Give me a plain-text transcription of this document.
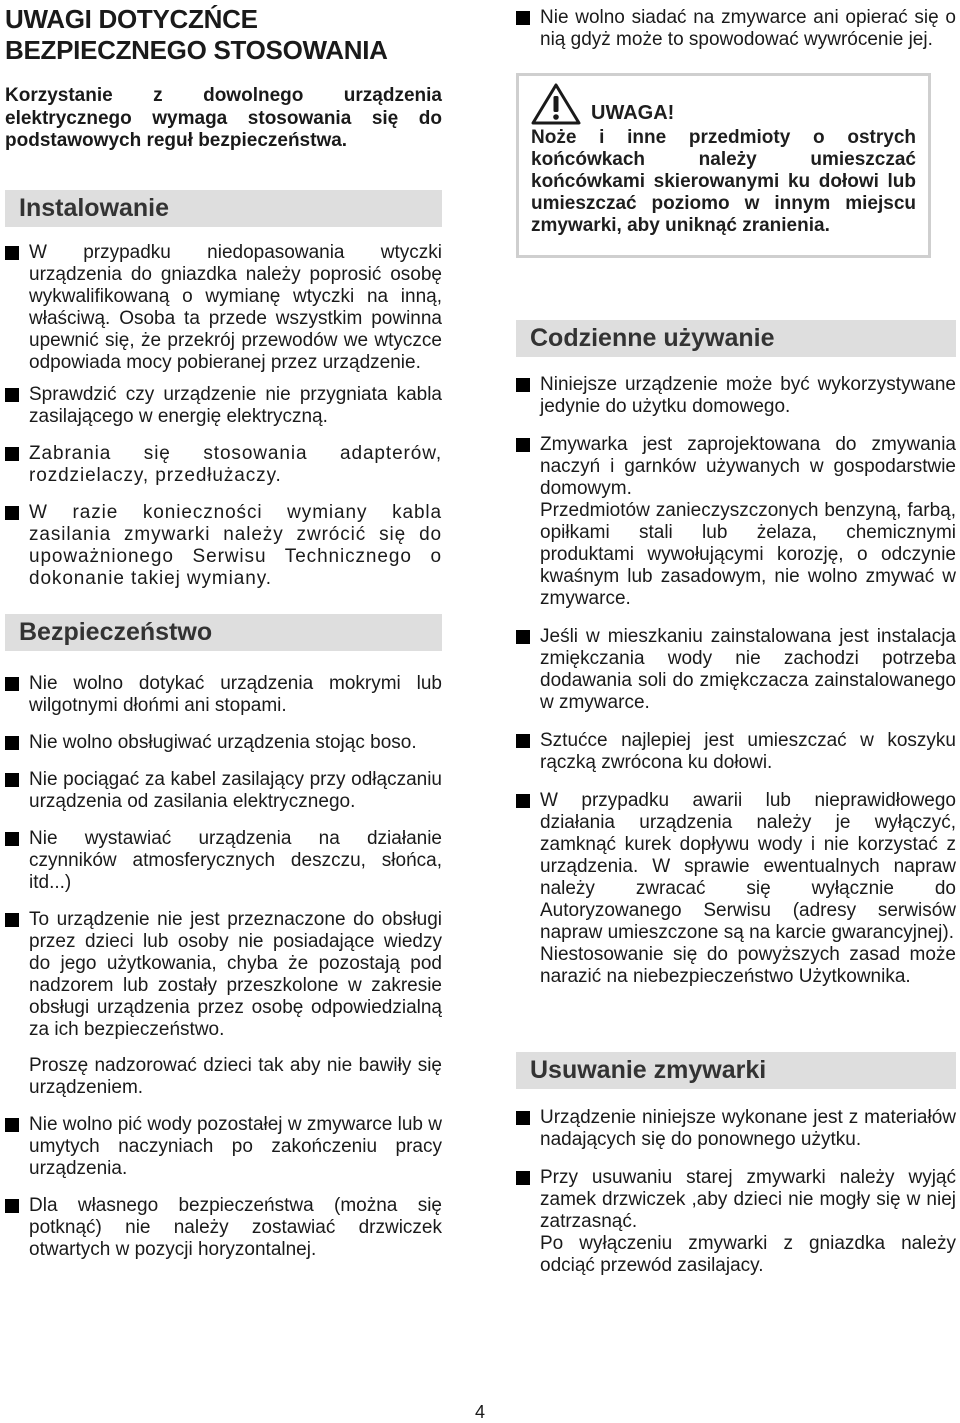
UWAGI DOTYCZŃCE
BEZPIECZNEGO STOSOWANIA

Korzystanie z dowolnego urządzenia elektrycznego wymaga stosowania się do podstawowych reguł bezpieczeństwa.

Instalowanie
W przypadku niedopasowania wtyczki urządzenia do gniazdka należy poprosić osobę wykwalifikowaną o wymianę wtyczki na inną, właściwą. Osoba ta przede wszystkim powinna upewnić się, że przekrój przewodów we wtyczce odpowiada mocy pobieranej przez urządzenie.
Sprawdzić czy urządzenie nie przygniata kabla zasilającego w energię elektryczną.
Zabrania się stosowania adapterów, rozdzielaczy, przedłużaczy.
W razie konieczności wymiany kabla zasilania zmywarki należy zwrócić się do upoważnionego Serwisu Technicznego o dokonanie takiej wymiany.
Bezpieczeństwo
Nie wolno dotykać urządzenia mokrymi lub wilgotnymi dłońmi ani stopami.
Nie wolno obsługiwać urządzenia stojąc boso.
Nie pociągać za kabel zasilający przy odłączaniu urządzenia od zasilania elektrycznego.
Nie wystawiać urządzenia na działanie czynników atmosferycznych deszczu, słońca, itd...)
To urządzenie nie jest przeznaczone do obsługi przez dzieci lub osoby nie posiadające wiedzy do jego użytkowania, chyba że pozostają pod nadzorem lub zostały przeszkolone w zakresie obsługi urządzenia przez osobę odpowiedzialną za ich bezpieczeństwo.

Proszę nadzorować dzieci tak aby nie bawiły się urządzeniem.

Nie wolno pić wody pozostałej w zmywarce lub w umytych naczyniach po zakończeniu pracy urządzenia.
Dla własnego bezpieczeństwa (można się potknąć) nie należy zostawiać drzwiczek otwartych w pozycji horyzontalnej.
Nie wolno siadać na zmywarce ani opierać się o nią gdyż może to spowodować wywrócenie jej.
UWAGA!
Noże i inne przedmioty o ostrych końcówkach należy umieszczać końcówkami skierowanymi ku dołowi lub umieszczać poziomo w innym miejscu zmywarki, aby uniknąć zranienia.
Codzienne używanie
Niniejsze urządzenie może być wykorzystywane jedynie do użytku domowego.
Zmywarka jest zaprojektowana do zmywania naczyń i garnków używanych w gospodarstwie domowym.

Przedmiotów zanieczyszczonych benzyną, farbą, opiłkami stali lub żelaza, chemicznymi produktami wywołującymi korozję, o odczynie kwaśnym lub zasadowym, nie wolno zmywać w zmywarce.

Jeśli w mieszkaniu zainstalowana jest instalacja zmiękczania wody nie zachodzi potrzeba dodawania soli do zmiękczacza zainstalowanego w zmywarce.
Sztućce najlepiej jest umieszczać w koszyku rączką zwrócona ku dołowi.
W przypadku awarii lub nieprawidłowego działania urządzenia należy je wyłączyć, zamknąć kurek dopływu wody i nie korzystać z urządzenia. W sprawie ewentualnych napraw należy zwracać się wyłącznie do Autoryzowanego Serwisu (adresy serwisów napraw umieszczone są na karcie gwarancyjnej).

Niestosowanie się do powyższych zasad może narazić na niebezpieczeństwo Użytkownika.

Usuwanie zmywarki
Urządzenie niniejsze wykonane jest z materiałów nadających się do ponownego użytku.
Przy usuwaniu starej zmywarki należy wyjąć zamek drzwiczek ,aby dzieci nie mogły się w niej zatrzasnąć.

Po wyłączeniu zmywarki z gniazdka należy odciąć przewód zasilajacy.

4
